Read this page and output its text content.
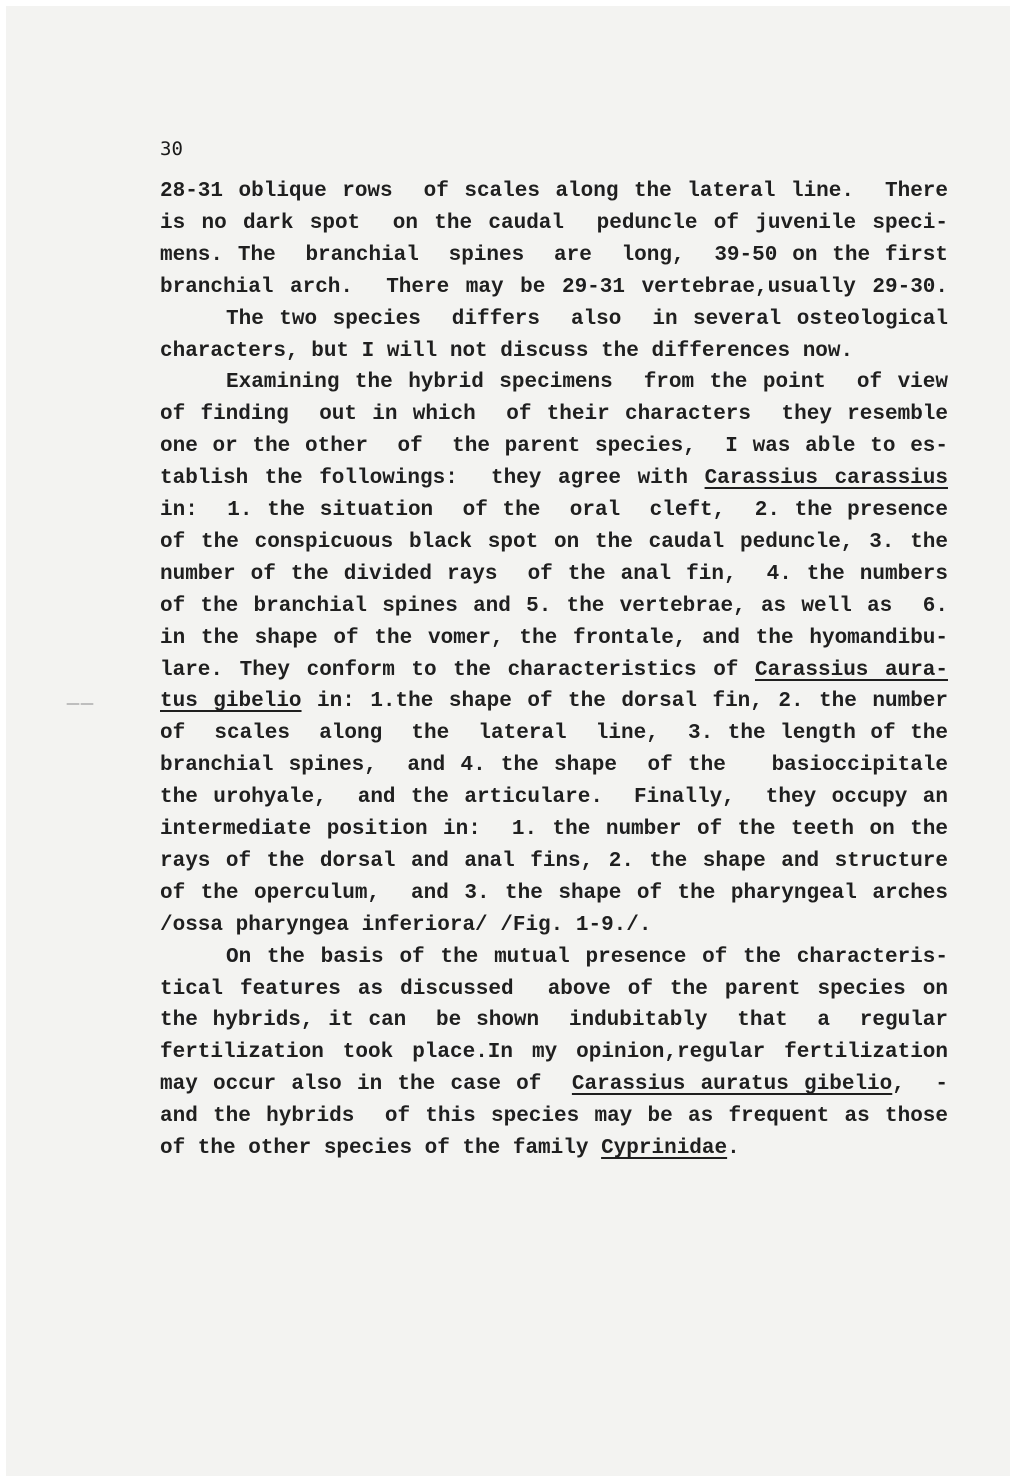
30
——
28-31 oblique rows  of scales along the lateral line.  There
is no dark spot  on the caudal  peduncle of juvenile speci-
mens. The  branchial  spines  are  long,  39-50 on the first
branchial arch.  There may be 29-31 vertebrae,usually 29-30.
The two species  differs  also  in several osteological
characters, but I will not discuss the differences now.
Examining the hybrid specimens  from the point  of view
of finding  out in which  of their characters  they resemble
one or the other  of  the parent species,  I was able to es-
tablish the followings:  they agree with Carassius carassius
in:  1. the situation  of the  oral  cleft,  2. the presence
of the conspicuous black spot on the caudal peduncle, 3. the
number of the divided rays  of the anal fin,  4. the numbers
of the branchial spines and 5. the vertebrae, as well as  6.
in the shape of the vomer, the frontale, and the hyomandibu-
lare. They conform to the characteristics of Carassius aura-
tus gibelio in: 1.the shape of the dorsal fin, 2. the number
of  scales  along  the  lateral  line,  3. the length of the
branchial spines,  and 4. the shape  of the   basioccipitale
the urohyale,  and the articulare.  Finally,  they occupy an
intermediate position in:  1. the number of the teeth on the
rays of the dorsal and anal fins, 2. the shape and structure
of the operculum,  and 3. the shape of the pharyngeal arches
/ossa pharyngea inferiora/ /Fig. 1-9./.
On the basis of the mutual presence of the characteris-
tical features as discussed  above of the parent species on
the hybrids, it can  be shown  indubitably  that  a  regular
fertilization took place.In my opinion,regular fertilization
may occur also in the case of  Carassius auratus gibelio,  -
and the hybrids  of this species may be as frequent as those
of the other species of the family Cyprinidae.
